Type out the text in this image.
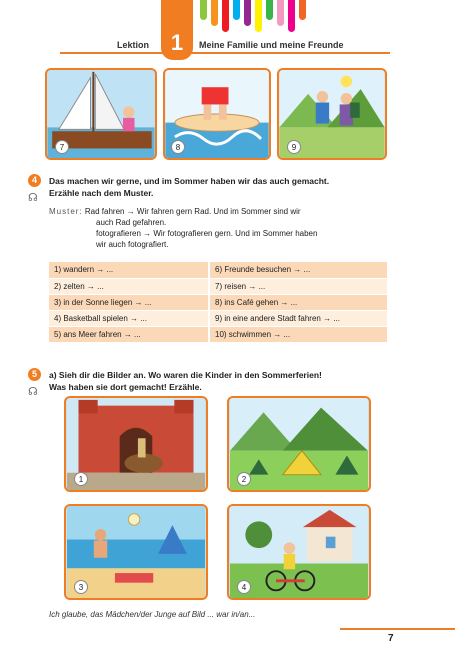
Lektion 1	Meine Familie und meine Freunde
7	8	9
4
☊
Das machen wir gerne, und im Sommer haben wir das auch gemacht.
Erzähle nach dem Muster.
Muster: Rad fahren → Wir fahren gern Rad. Und im Sommer sind wir
auch Rad gefahren.
fotografieren → Wir fotografieren gern. Und im Sommer haben
wir auch fotografiert.
1) wandern → ...	6) Freunde besuchen → ...
2) zelten → ...	7) reisen → ...
3) in der Sonne liegen → ...	8) ins Café gehen → ...
4) Basketball spielen → ...	9) in eine andere Stadt fahren → ...
5) ans Meer fahren → ...	10) schwimmen → ...
5
☊
a) Sieh dir die Bilder an. Wo waren die Kinder in den Sommerferien!
Was haben sie dort gemacht! Erzähle.
1	2
3	4
Ich glaube, das Mädchen/der Junge auf Bild ... war in/an...
7
